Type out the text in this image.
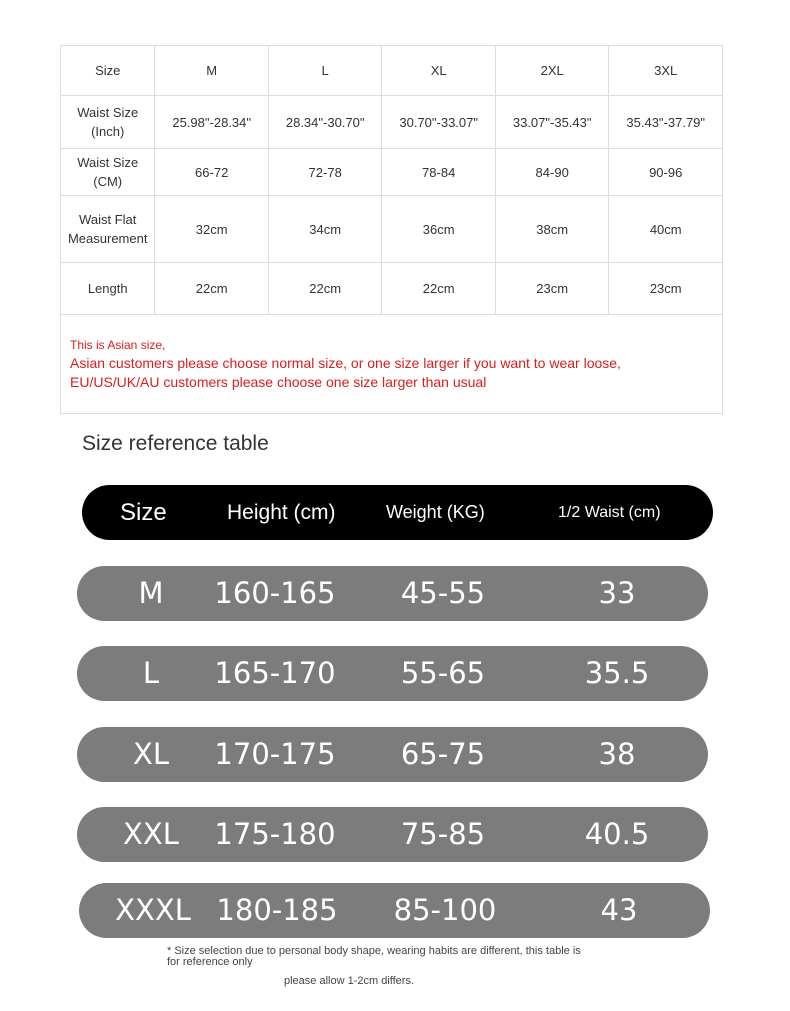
Size	M	L	XL	2XL	3XL
Waist Size (Inch)	25.98"-28.34"	28.34"-30.70"	30.70"-33.07"	33.07"-35.43"	35.43"-37.79"
Waist Size (CM)	66-72	72-78	78-84	84-90	90-96
Waist Flat Measurement	32cm	34cm	36cm	38cm	40cm
Length	22cm	22cm	22cm	23cm	23cm

This is Asian size,
Asian customers please choose normal size, or one size larger if you want to wear loose,
EU/US/UK/AU customers please choose one size larger than usual					
Size reference table
Size	Height (cm)	Weight (KG)	1/2 Waist (cm)
M 160-165 45-55	33
L 165-170 55-65	35.5
XL 170-175 65-75	38
XXL 175-180 75-85	40.5
XXXL 180-185 85-100	43
* Size selection due to personal body shape, wearing habits are different, this table is for reference only
please allow 1-2cm differs.
